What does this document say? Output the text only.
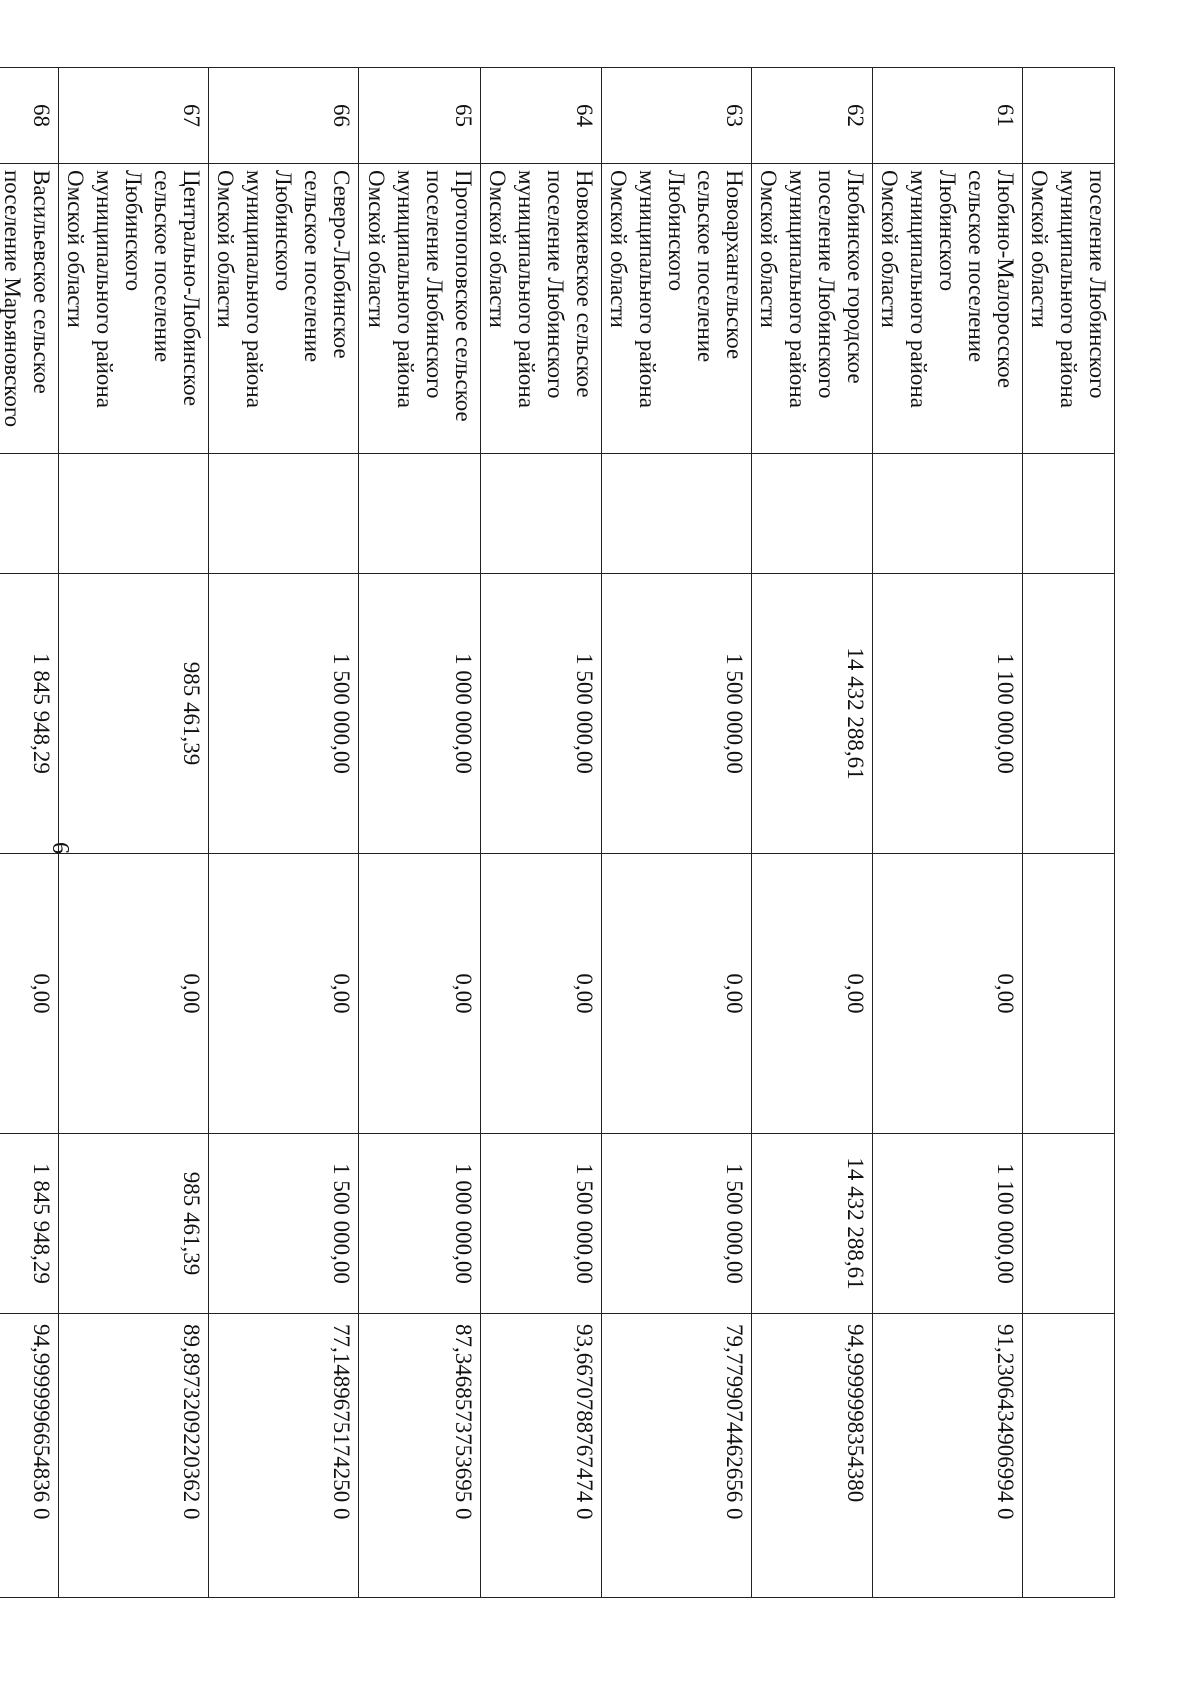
6
	поселение Любинского муниципального района Омской области					
61	Любино-Малоросское сельское поселение Любинского муниципального района Омской области		1 100 000,00	0,00	1 100 000,00	91,2306434906994 0
62	Любинское городское поселение Любинского муниципального района Омской области		14 432 288,61	0,00	14 432 288,61	94,9999998354380
63	Новоархангельское сельское поселение Любинского муниципального района Омской области		1 500 000,00	0,00	1 500 000,00	79,7799074462656 0
64	Новокиевское сельское поселение Любинского муниципального района Омской области		1 500 000,00	0,00	1 500 000,00	93,6670788767474 0
65	Протопоповское сельское поселение Любинского муниципального района Омской области		1 000 000,00	0,00	1 000 000,00	87,3468573753695 0
66	Северо-Любинское сельское поселение Любинского муниципального района Омской области		1 500 000,00	0,00	1 500 000,00	77,1489675174250 0
67	Центрально-Любинское сельское поселение Любинского муниципального района Омской области		985 461,39	0,00	985 461,39	89,8973209220362 0
68	Васильевское сельское поселение Марьяновского		1 845 948,29	0,00	1 845 948,29	94,9999996654836 0
